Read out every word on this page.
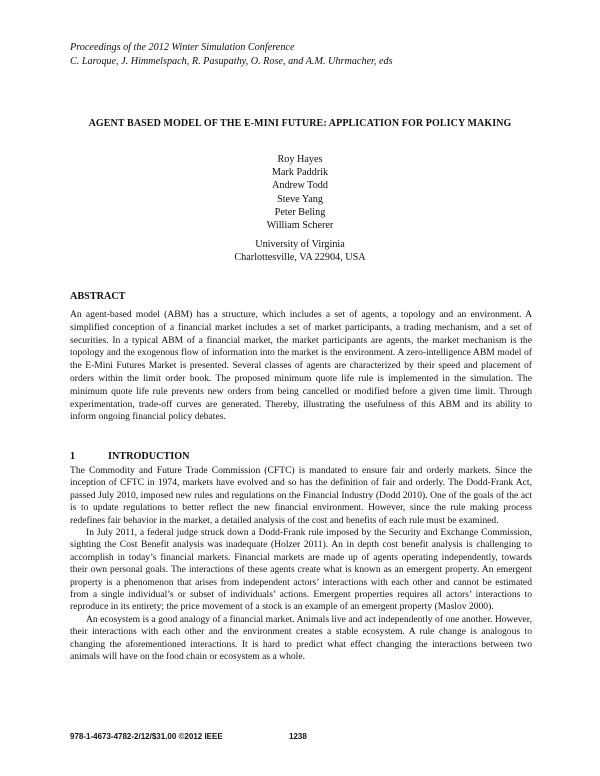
Proceedings of the 2012 Winter Simulation Conference
C. Laroque, J. Himmelspach, R. Pasupathy, O. Rose, and A.M. Uhrmacher, eds
AGENT BASED MODEL OF THE E-MINI FUTURE: APPLICATION FOR POLICY MAKING
Roy Hayes
Mark Paddrik
Andrew Todd
Steve Yang
Peter Beling
William Scherer
University of Virginia
Charlottesville, VA 22904, USA
ABSTRACT
An agent-based model (ABM) has a structure, which includes a set of agents, a topology and an environment. A simplified conception of a financial market includes a set of market participants, a trading mechanism, and a set of securities. In a typical ABM of a financial market, the market participants are agents, the market mechanism is the topology and the exogenous flow of information into the market is the environment. A zero-intelligence ABM model of the E-Mini Futures Market is presented. Several classes of agents are characterized by their speed and placement of orders within the limit order book. The proposed minimum quote life rule is implemented in the simulation. The minimum quote life rule prevents new orders from being cancelled or modified before a given time limit. Through experimentation, trade-off curves are generated. Thereby, illustrating the usefulness of this ABM and its ability to inform ongoing financial policy debates.
1	INTRODUCTION

The Commodity and Future Trade Commission (CFTC) is mandated to ensure fair and orderly markets. Since the inception of CFTC in 1974, markets have evolved and so has the definition of fair and orderly. The Dodd-Frank Act, passed July 2010, imposed new rules and regulations on the Financial Industry (Dodd 2010). One of the goals of the act is to update regulations to better reflect the new financial environment. However, since the rule making process redefines fair behavior in the market, a detailed analysis of the cost and benefits of each rule must be examined.

In July 2011, a federal judge struck down a Dodd-Frank rule imposed by the Security and Exchange Commission, sighting the Cost Benefit analysis was inadequate (Holzer 2011). An in depth cost benefit analysis is challenging to accomplish in today’s financial markets. Financial markets are made up of agents operating independently, towards their own personal goals. The interactions of these agents create what is known as an emergent property. An emergent property is a phenomenon that arises from independent actors’ interactions with each other and cannot be estimated from a single individual’s or subset of individuals’ actions. Emergent properties requires all actors’ interactions to reproduce in its entirety; the price movement of a stock is an example of an emergent property (Maslov 2000).

An ecosystem is a good analogy of a financial market. Animals live and act independently of one another. However, their interactions with each other and the environment creates a stable ecosystem. A rule change is analogous to changing the aforementioned interactions. It is hard to predict what effect changing the interactions between two animals will have on the food chain or ecosystem as a whole.

978-1-4673-4782-2/12/$31.00 ©2012 IEEE	1238
